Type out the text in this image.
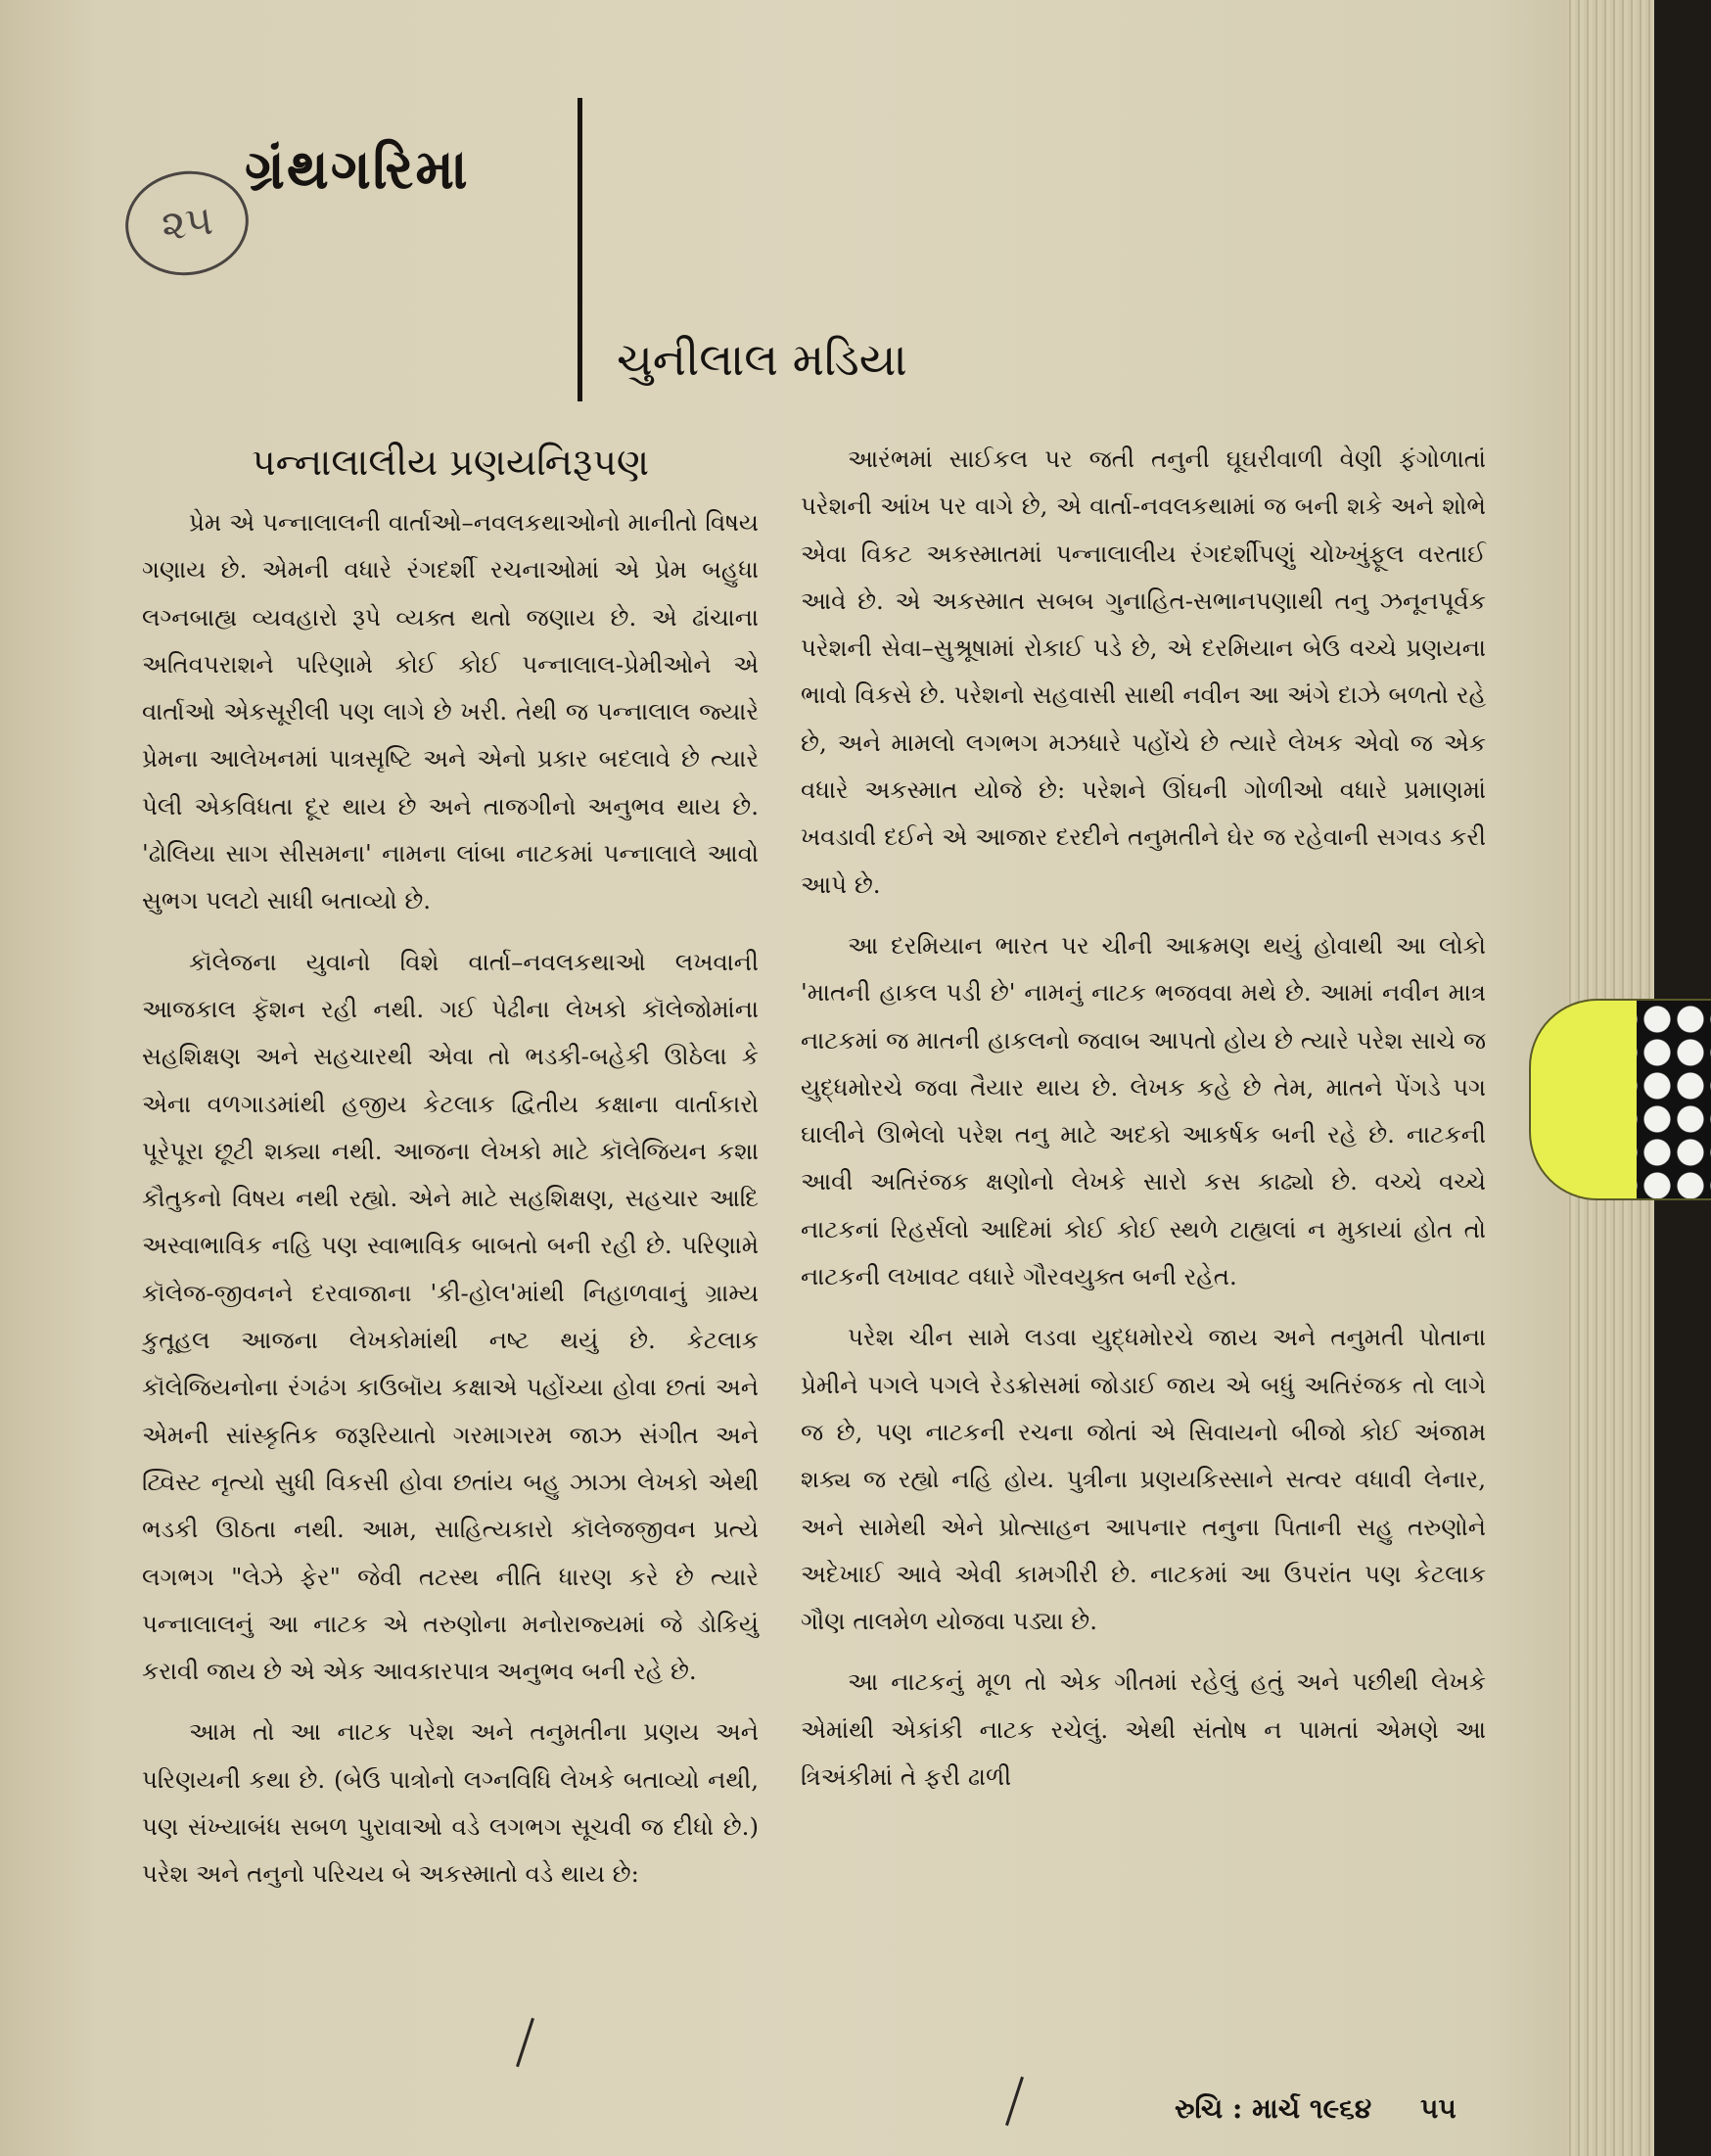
૨૫
ગ્રંથગરિમા
ચુનીલાલ મડિયા
પન્નાલાલીય પ્રણયનિરૂપણ

પ્રેમ એ પન્નાલાલની વાર્તાઓ–નવલકથાઓનો માનીતો વિષય ગણાય છે. એમની વધારે રંગદર્શી રચનાઓમાં એ પ્રેમ બહુધા લગ્નબાહ્ય વ્યવહારો રૂપે વ્યક્ત થતો જણાય છે. એ ઢાંચાના અતિવપરાશને પરિણામે કોઈ કોઈ પન્નાલાલ-પ્રેમીઓને એ વાર્તાઓ એકસૂરીલી પણ લાગે છે ખરી. તેથી જ પન્નાલાલ જ્યારે પ્રેમના આલેખનમાં પાત્રસૃષ્ટિ અને એનો પ્રકાર બદલાવે છે ત્યારે પેલી એકવિધતા દૂર થાય છે અને તાજગીનો અનુભવ થાય છે. 'ઢોલિયા સાગ સીસમના' નામના લાંબા નાટકમાં પન્નાલાલે આવો સુભગ પલટો સાધી બતાવ્યો છે.

કૉલેજના યુવાનો વિશે વાર્તા–નવલકથાઓ લખવાની આજકાલ ફૅશન રહી નથી. ગઈ પેઢીના લેખકો કૉલેજોમાંના સહશિક્ષણ અને સહચારથી એવા તો ભડકી-બહેકી ઊઠેલા કે એના વળગાડમાંથી હજીય કેટલાક દ્વિતીય કક્ષાના વાર્તાકારો પૂરેપૂરા છૂટી શક્યા નથી. આજના લેખકો માટે કૉલેજિયન કશા કૌતુકનો વિષય નથી રહ્યો. એને માટે સહશિક્ષણ, સહચાર આદિ અસ્વાભાવિક નહિ પણ સ્વાભાવિક બાબતો બની રહી છે. પરિણામે કૉલેજ-જીવનને દરવાજાના 'કી-હોલ'માંથી નિહાળવાનું ગ્રામ્ય કુતૂહલ આજના લેખકોમાંથી નષ્ટ થયું છે. કેટલાક કૉલેજિયનોના રંગઢંગ કાઉબૉય કક્ષાએ પહોંચ્યા હોવા છતાં અને એમની સાંસ્કૃતિક જરૂરિયાતો ગરમાગરમ જાઝ સંગીત અને ટ્વિસ્ટ નૃત્યો સુધી વિકસી હોવા છતાંય બહુ ઝાઝા લેખકો એથી ભડકી ઊઠતા નથી. આમ, સાહિત્યકારો કૉલેજજીવન પ્રત્યે લગભગ "લેઝે ફેર" જેવી તટસ્થ નીતિ ધારણ કરે છે ત્યારે પન્નાલાલનું આ નાટક એ તરુણોના મનોરાજ્યમાં જે ડોકિયું કરાવી જાય છે એ એક આવકારપાત્ર અનુભવ બની રહે છે.

આમ તો આ નાટક પરેશ અને તનુમતીના પ્રણય અને પરિણયની કથા છે. (બેઉ પાત્રોનો લગ્નવિધિ લેખકે બતાવ્યો નથી, પણ સંખ્યાબંધ સબળ પુરાવાઓ વડે લગભગ સૂચવી જ દીધો છે.) પરેશ અને તનુનો પરિચય બે અકસ્માતો વડે થાય છે:

આરંભમાં સાઈકલ પર જતી તનુની ઘૂઘરીવાળી વેણી ફંગોળાતાં પરેશની આંખ પર વાગે છે, એ વાર્તા-નવલકથામાં જ બની શકે અને શોભે એવા વિકટ અકસ્માતમાં પન્નાલાલીય રંગદર્શીપણું ચોખ્ખુંફૂલ વરતાઈ આવે છે. એ અકસ્માત સબબ ગુનાહિત-સભાનપણાથી તનુ ઝનૂનપૂર્વક પરેશની સેવા–સુશ્રૂષામાં રોકાઈ પડે છે, એ દરમિયાન બેઉ વચ્ચે પ્રણયના ભાવો વિકસે છે. પરેશનો સહવાસી સાથી નવીન આ અંગે દાઝે બળતો રહે છે, અને મામલો લગભગ મઝધારે પહોંચે છે ત્યારે લેખક એવો જ એક વધારે અકસ્માત યોજે છે: પરેશને ઊંઘની ગોળીઓ વધારે પ્રમાણમાં ખવડાવી દઈને એ આજાર દરદીને તનુમતીને ઘેર જ રહેવાની સગવડ કરી આપે છે.

આ દરમિયાન ભારત પર ચીની આક્રમણ થયું હોવાથી આ લોકો 'માતની હાકલ પડી છે' નામનું નાટક ભજવવા મથે છે. આમાં નવીન માત્ર નાટકમાં જ માતની હાકલનો જવાબ આપતો હોય છે ત્યારે પરેશ સાચે જ યુદ્ધમોરચે જવા તૈયાર થાય છે. લેખક કહે છે તેમ, માતને પેંગડે પગ ઘાલીને ઊભેલો પરેશ તનુ માટે અદકો આકર્ષક બની રહે છે. નાટકની આવી અતિરંજક ક્ષણોનો લેખકે સારો કસ કાઢ્યો છે. વચ્ચે વચ્ચે નાટકનાં રિહર્સલો આદિમાં કોઈ કોઈ સ્થળે ટાહ્યલાં ન મુકાયાં હોત તો નાટકની લખાવટ વધારે ગૌરવયુક્ત બની રહેત.

પરેશ ચીન સામે લડવા યુદ્ધમોરચે જાય અને તનુમતી પોતાના પ્રેમીને પગલે પગલે રેડક્રોસમાં જોડાઈ જાય એ બધું અતિરંજક તો લાગે જ છે, પણ નાટકની રચના જોતાં એ સિવાયનો બીજો કોઈ અંજામ શક્ય જ રહ્યો નહિ હોય. પુત્રીના પ્રણયકિસ્સાને સત્વર વધાવી લેનાર, અને સામેથી એને પ્રોત્સાહન આપનાર તનુના પિતાની સહુ તરુણોને અદેખાઈ આવે એવી કામગીરી છે. નાટકમાં આ ઉપરાંત પણ કેટલાક ગૌણ તાલમેળ યોજવા પડ્યા છે.

આ નાટકનું મૂળ તો એક ગીતમાં રહેલું હતું અને પછીથી લેખકે એમાંથી એકાંકી નાટક રચેલું. એથી સંતોષ ન પામતાં એમણે આ ત્રિઅંકીમાં તે ફરી ઢાળી

રુચિ : માર્ચ ૧૯૬૪ ૫૫
